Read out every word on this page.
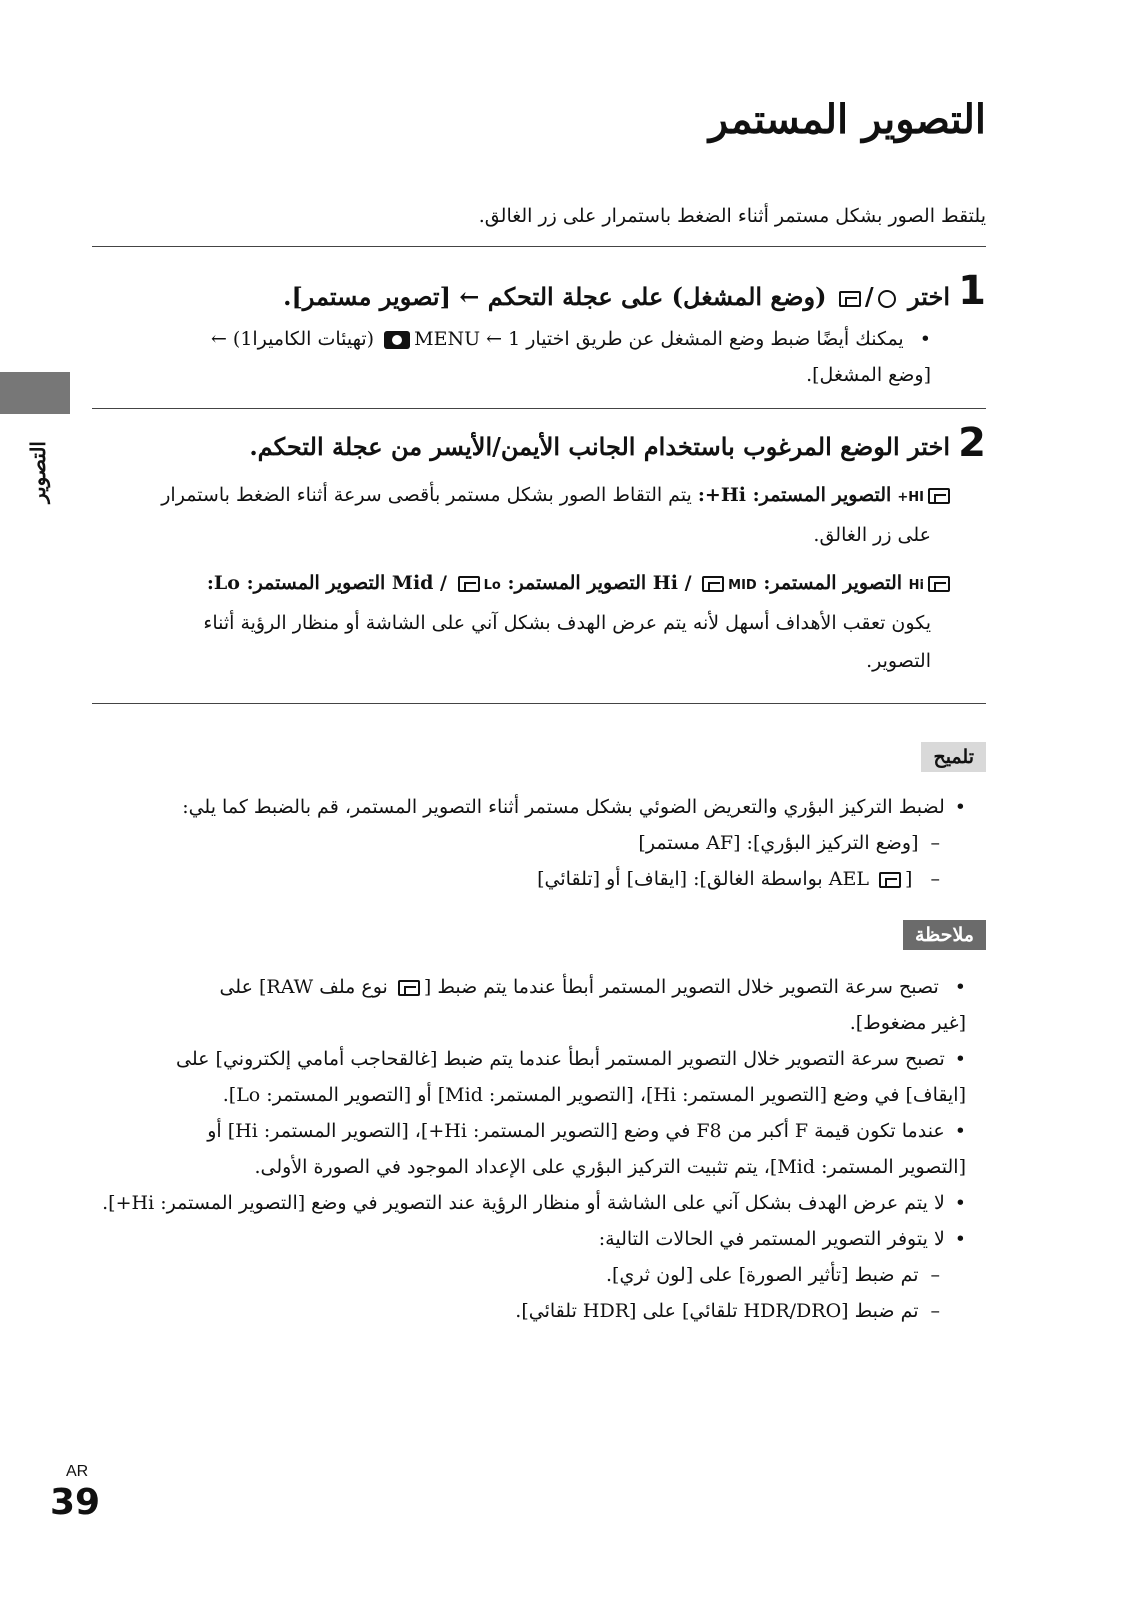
التصوير المستمر
يلتقط الصور بشكل مستمر أثناء الضغط باستمرار على زر الغالق.
التصوير
1
اختر / (وضع المشغل) على عجلة التحكم ← [تصوير مستمر].
• يمكنك أيضًا ضبط وضع المشغل عن طريق اختيار MENU ← 1 (تهيئات الكاميرا1) ←
[وضع المشغل].
2
اختر الوضع المرغوب باستخدام الجانب الأيمن/الأيسر من عجلة التحكم.
HI+ التصوير المستمر: Hi+: يتم التقاط الصور بشكل مستمر بأقصى سرعة أثناء الضغط باستمرار
على زر الغالق.
Hi التصوير المستمر: Hi / MID التصوير المستمر: Mid / Lo التصوير المستمر: Lo:
يكون تعقب الأهداف أسهل لأنه يتم عرض الهدف بشكل آني على الشاشة أو منظار الرؤية أثناء
التصوير.
تلميح
• لضبط التركيز البؤري والتعريض الضوئي بشكل مستمر أثناء التصوير المستمر، قم بالضبط كما يلي:
– [وضع التركيز البؤري]: [AF مستمر]
– [ AEL بواسطة الغالق]: [ايقاف] أو [تلقائي]
ملاحظة
• تصبح سرعة التصوير خلال التصوير المستمر أبطأ عندما يتم ضبط [ نوع ملف RAW] على
[غير مضغوط].
• تصبح سرعة التصوير خلال التصوير المستمر أبطأ عندما يتم ضبط [غالقحاجب أمامي إلكتروني] على
[ايقاف] في وضع [التصوير المستمر: Hi]، [التصوير المستمر: Mid] أو [التصوير المستمر: Lo].
• عندما تكون قيمة F أكبر من F8 في وضع [التصوير المستمر: Hi+]، [التصوير المستمر: Hi] أو
[التصوير المستمر: Mid]، يتم تثبيت التركيز البؤري على الإعداد الموجود في الصورة الأولى.
• لا يتم عرض الهدف بشكل آني على الشاشة أو منظار الرؤية عند التصوير في وضع [التصوير المستمر: Hi+].
• لا يتوفر التصوير المستمر في الحالات التالية:
– تم ضبط [تأثير الصورة] على [لون ثري].
– تم ضبط [HDR/DRO تلقائي] على [HDR تلقائي].
AR
39
